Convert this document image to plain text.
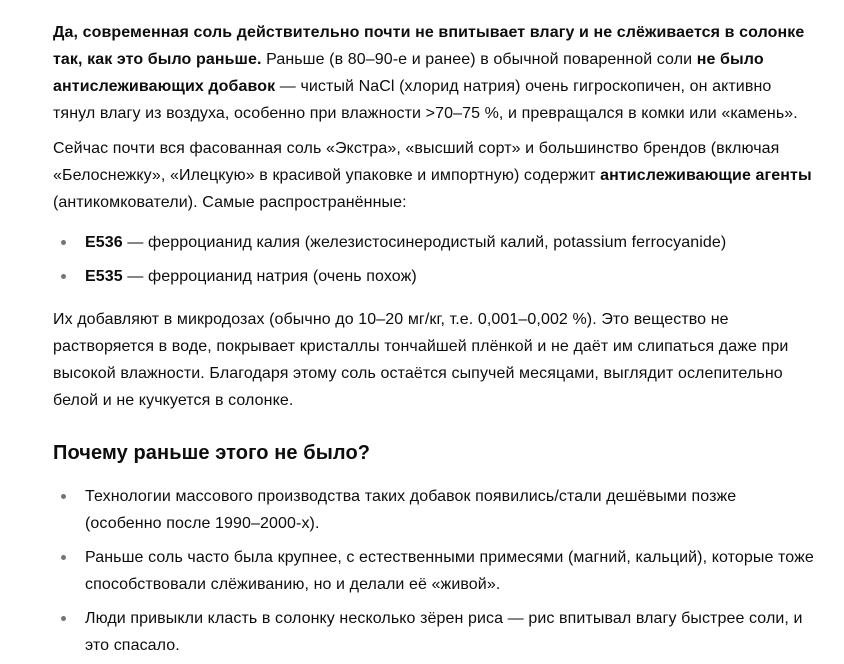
Да, современная соль действительно почти не впитывает влагу и не слёживается в солонке так, как это было раньше. Раньше (в 80–90-е и ранее) в обычной поваренной соли не было антислеживающих добавок — чистый NaCl (хлорид натрия) очень гигроскопичен, он активно тянул влагу из воздуха, особенно при влажности >70–75 %, и превращался в комки или «камень».

Сейчас почти вся фасованная соль «Экстра», «высший сорт» и большинство брендов (включая «Белоснежку», «Илецкую» в красивой упаковке и импортную) содержит антислеживающие агенты (антикомкователи). Самые распространённые:

Е536 — ферроцианид калия (железистосинеродистый калий, potassium ferrocyanide)
Е535 — ферроцианид натрия (очень похож)

Их добавляют в микродозах (обычно до 10–20 мг/кг, т.е. 0,001–0,002 %). Это вещество не растворяется в воде, покрывает кристаллы тончайшей плёнкой и не даёт им слипаться даже при высокой влажности. Благодаря этому соль остаётся сыпучей месяцами, выглядит ослепительно белой и не кучкуется в солонке.

Почему раньше этого не было?
Технологии массового производства таких добавок появились/стали дешёвыми позже (особенно после 1990–2000-х).
Раньше соль часто была крупнее, с естественными примесями (магний, кальций), которые тоже способствовали слёживанию, но и делали её «живой».
Люди привыкли класть в солонку несколько зёрен риса — рис впитывал влагу быстрее соли, и это спасало.
